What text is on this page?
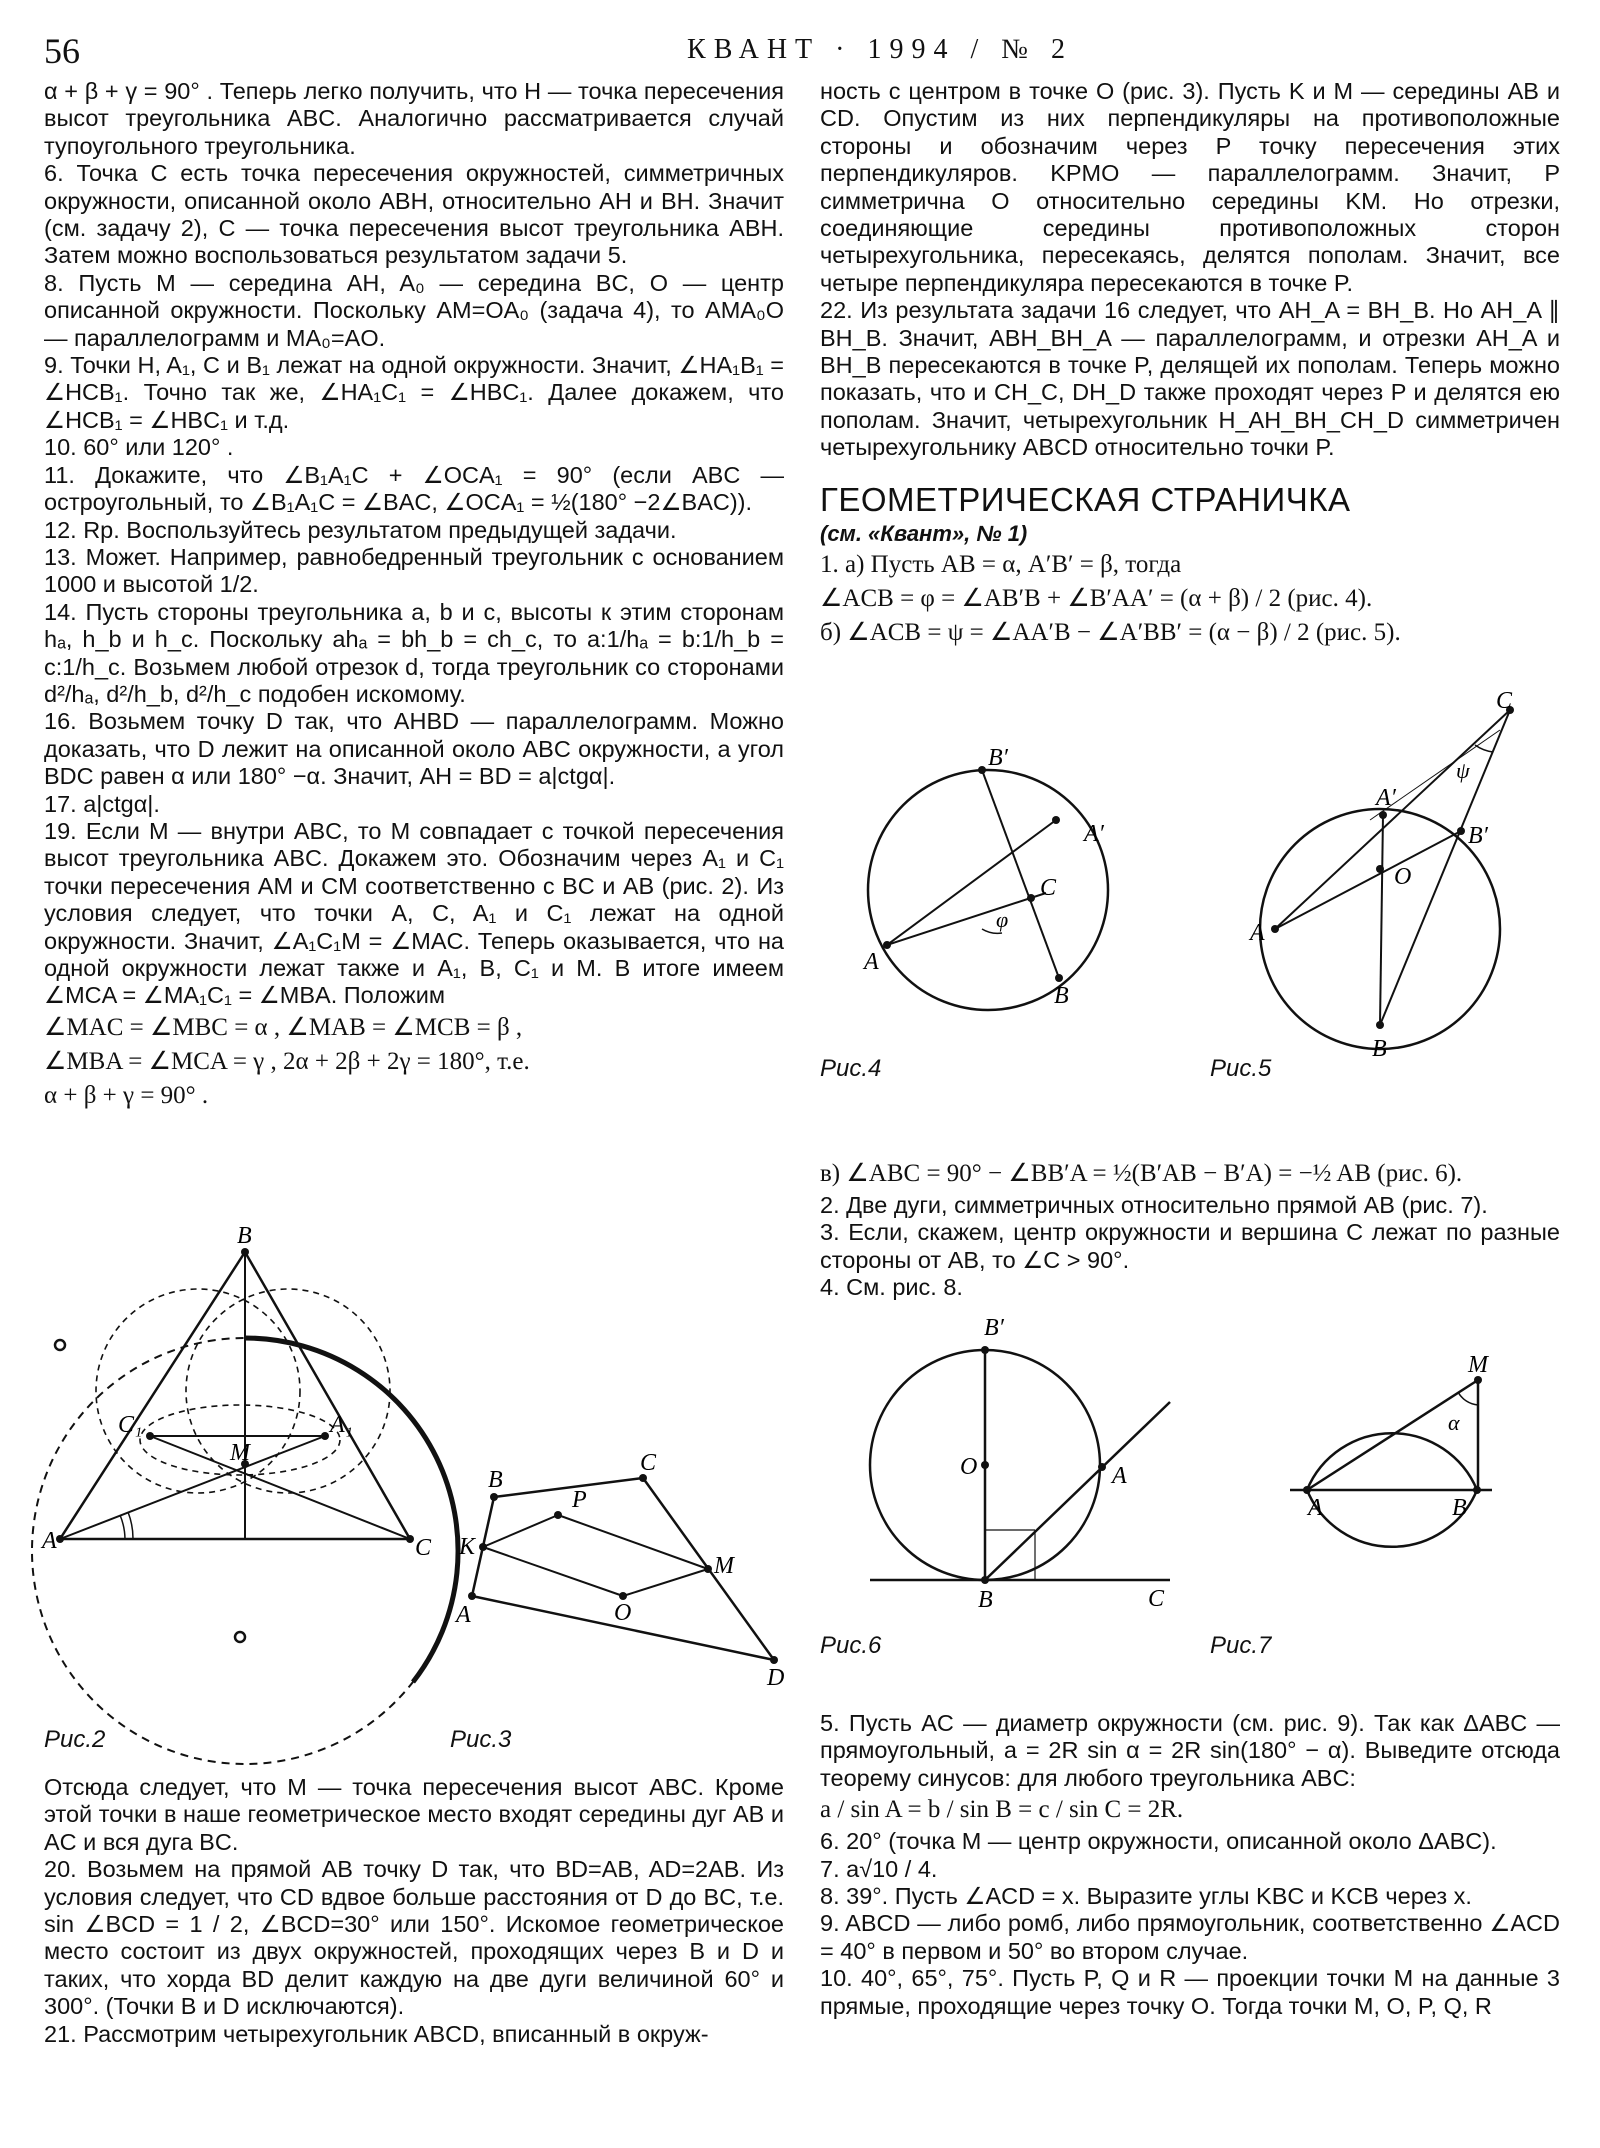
56	КВАНТ · 1994 / № 2

α + β + γ = 90° . Теперь легко получить, что H — точка пересечения высот треугольника ABC. Аналогично рассматривается случай тупоугольного треугольника.

6. Точка C есть точка пересечения окружностей, симметричных окружности, описанной около ABH, относительно AH и BH. Значит (см. задачу 2), C — точка пересечения высот треугольника ABH. Затем можно воспользоваться результатом задачи 5.

8. Пусть M — середина AH, A₀ — середина BC, O — центр описанной окружности. Поскольку AM=OA₀ (задача 4), то AMA₀O — параллелограмм и MA₀=AO.

9. Точки H, A₁, C и B₁ лежат на одной окружности. Значит, ∠HA₁B₁ = ∠HCB₁. Точно так же, ∠HA₁C₁ = ∠HBC₁. Далее докажем, что ∠HCB₁ = ∠HBC₁ и т.д.

10. 60° или 120° .

11. Докажите, что ∠B₁A₁C + ∠OCA₁ = 90° (если ABC — остроугольный, то ∠B₁A₁C = ∠BAC, ∠OCA₁ = ½(180° −2∠BAC)).

12. Rp. Воспользуйтесь результатом предыдущей задачи.

13. Может. Например, равнобедренный треугольник с основанием 1000 и высотой 1/2.

14. Пусть стороны треугольника a, b и c, высоты к этим сторонам hₐ, h_b и h_c. Поскольку ahₐ = bh_b = ch_c, то a:1/hₐ = b:1/h_b = c:1/h_c. Возьмем любой отрезок d, тогда треугольник со сторонами d²/hₐ, d²/h_b, d²/h_c подобен искомому.

16. Возьмем точку D так, что AHBD — параллелограмм. Можно доказать, что D лежит на описанной около ABC окружности, а угол BDC равен α или 180° −α. Значит, AH = BD = a|ctgα|.

17. a|ctgα|.

19. Если M — внутри ABC, то M совпадает с точкой пересечения высот треугольника ABC. Докажем это. Обозначим через A₁ и C₁ точки пересечения AM и CM соответственно с BC и AB (рис. 2). Из условия следует, что точки A, C, A₁ и C₁ лежат на одной окружности. Значит, ∠A₁C₁M = ∠MAC. Теперь оказывается, что на одной окружности лежат также и A₁, B, C₁ и M. В итоге имеем ∠MCA = ∠MA₁C₁ = ∠MBA. Положим

∠MAC = ∠MBC = α , ∠MAB = ∠MCB = β ,

∠MBA = ∠MCA = γ , 2α + 2β + 2γ = 180°, т.е.

α + β + γ = 90° .

B
A	C
M
C₁	A₁
Рис.2
B
C
P
K
M
A	O
D
Рис.3

Отсюда следует, что M — точка пересечения высот ABC. Кроме этой точки в наше геометрическое место входят середины дуг AB и AC и вся дуга BC.

20. Возьмем на прямой AB точку D так, что BD=AB, AD=2AB. Из условия следует, что CD вдвое больше расстояния от D до BC, т.е. sin ∠BCD = 1 / 2, ∠BCD=30° или 150°. Искомое геометрическое место состоит из двух окружностей, проходящих через B и D и таких, что хорда BD делит каждую на две дуги величиной 60° и 300°. (Точки B и D исключаются).

21. Рассмотрим четырехугольник ABCD, вписанный в окруж-

ность с центром в точке O (рис. 3). Пусть K и M — середины AB и CD. Опустим из них перпендикуляры на противоположные стороны и обозначим через P точку пересечения этих перпендикуляров. KPMO — параллелограмм. Значит, P симметрична O относительно середины KM. Но отрезки, соединяющие середины противоположных сторон четырехугольника, пересекаясь, делятся пополам. Значит, все четыре перпендикуляра пересекаются в точке P.

22. Из результата задачи 16 следует, что AH_A = BH_B. Но AH_A ∥ BH_B. Значит, ABH_BH_A — параллелограмм, и отрезки AH_A и BH_B пересекаются в точке P, делящей их пополам. Теперь можно показать, что и CH_C, DH_D также проходят через P и делятся ею пополам. Значит, четырехугольник H_AH_BH_CH_D симметричен четырехугольнику ABCD относительно точки P.

ГЕОМЕТРИЧЕСКАЯ СТРАНИЧКА

(см. «Квант», № 1)

1. а) Пусть AB = α, A′B′ = β, тогда

∠ACB = φ = ∠AB′B + ∠B′AA′ = (α + β) / 2 (рис. 4).

б) ∠ACB = ψ = ∠AA′B − ∠A′BB′ = (α − β) / 2 (рис. 5).

B′
A′
C
φ
A
B
Рис.4
C
ψ
A′
B′
O
A
B
Рис.5

в) ∠ABC = 90° − ∠BB′A = ½(B′AB − B′A) = −½ AB (рис. 6).

2. Две дуги, симметричных относительно прямой AB (рис. 7).

3. Если, скажем, центр окружности и вершина C лежат по разные стороны от AB, то ∠C > 90°.

4. См. рис. 8.

B′
O	A
B	C
Рис.6
M
α
A	B
Рис.7

5. Пусть AC — диаметр окружности (см. рис. 9). Так как ΔABC — прямоугольный, a = 2R sin α = 2R sin(180° − α). Выведите отсюда теорему синусов: для любого треугольника ABC:

a / sin A = b / sin B = c / sin C = 2R.

6. 20° (точка M — центр окружности, описанной около ΔABC).

7. a√10 / 4.

8. 39°. Пусть ∠ACD = x. Выразите углы KBC и KCB через x.

9. ABCD — либо ромб, либо прямоугольник, соответственно ∠ACD = 40° в первом и 50° во втором случае.

10. 40°, 65°, 75°. Пусть P, Q и R — проекции точки M на данные 3 прямые, проходящие через точку O. Тогда точки M, O, P, Q, R
